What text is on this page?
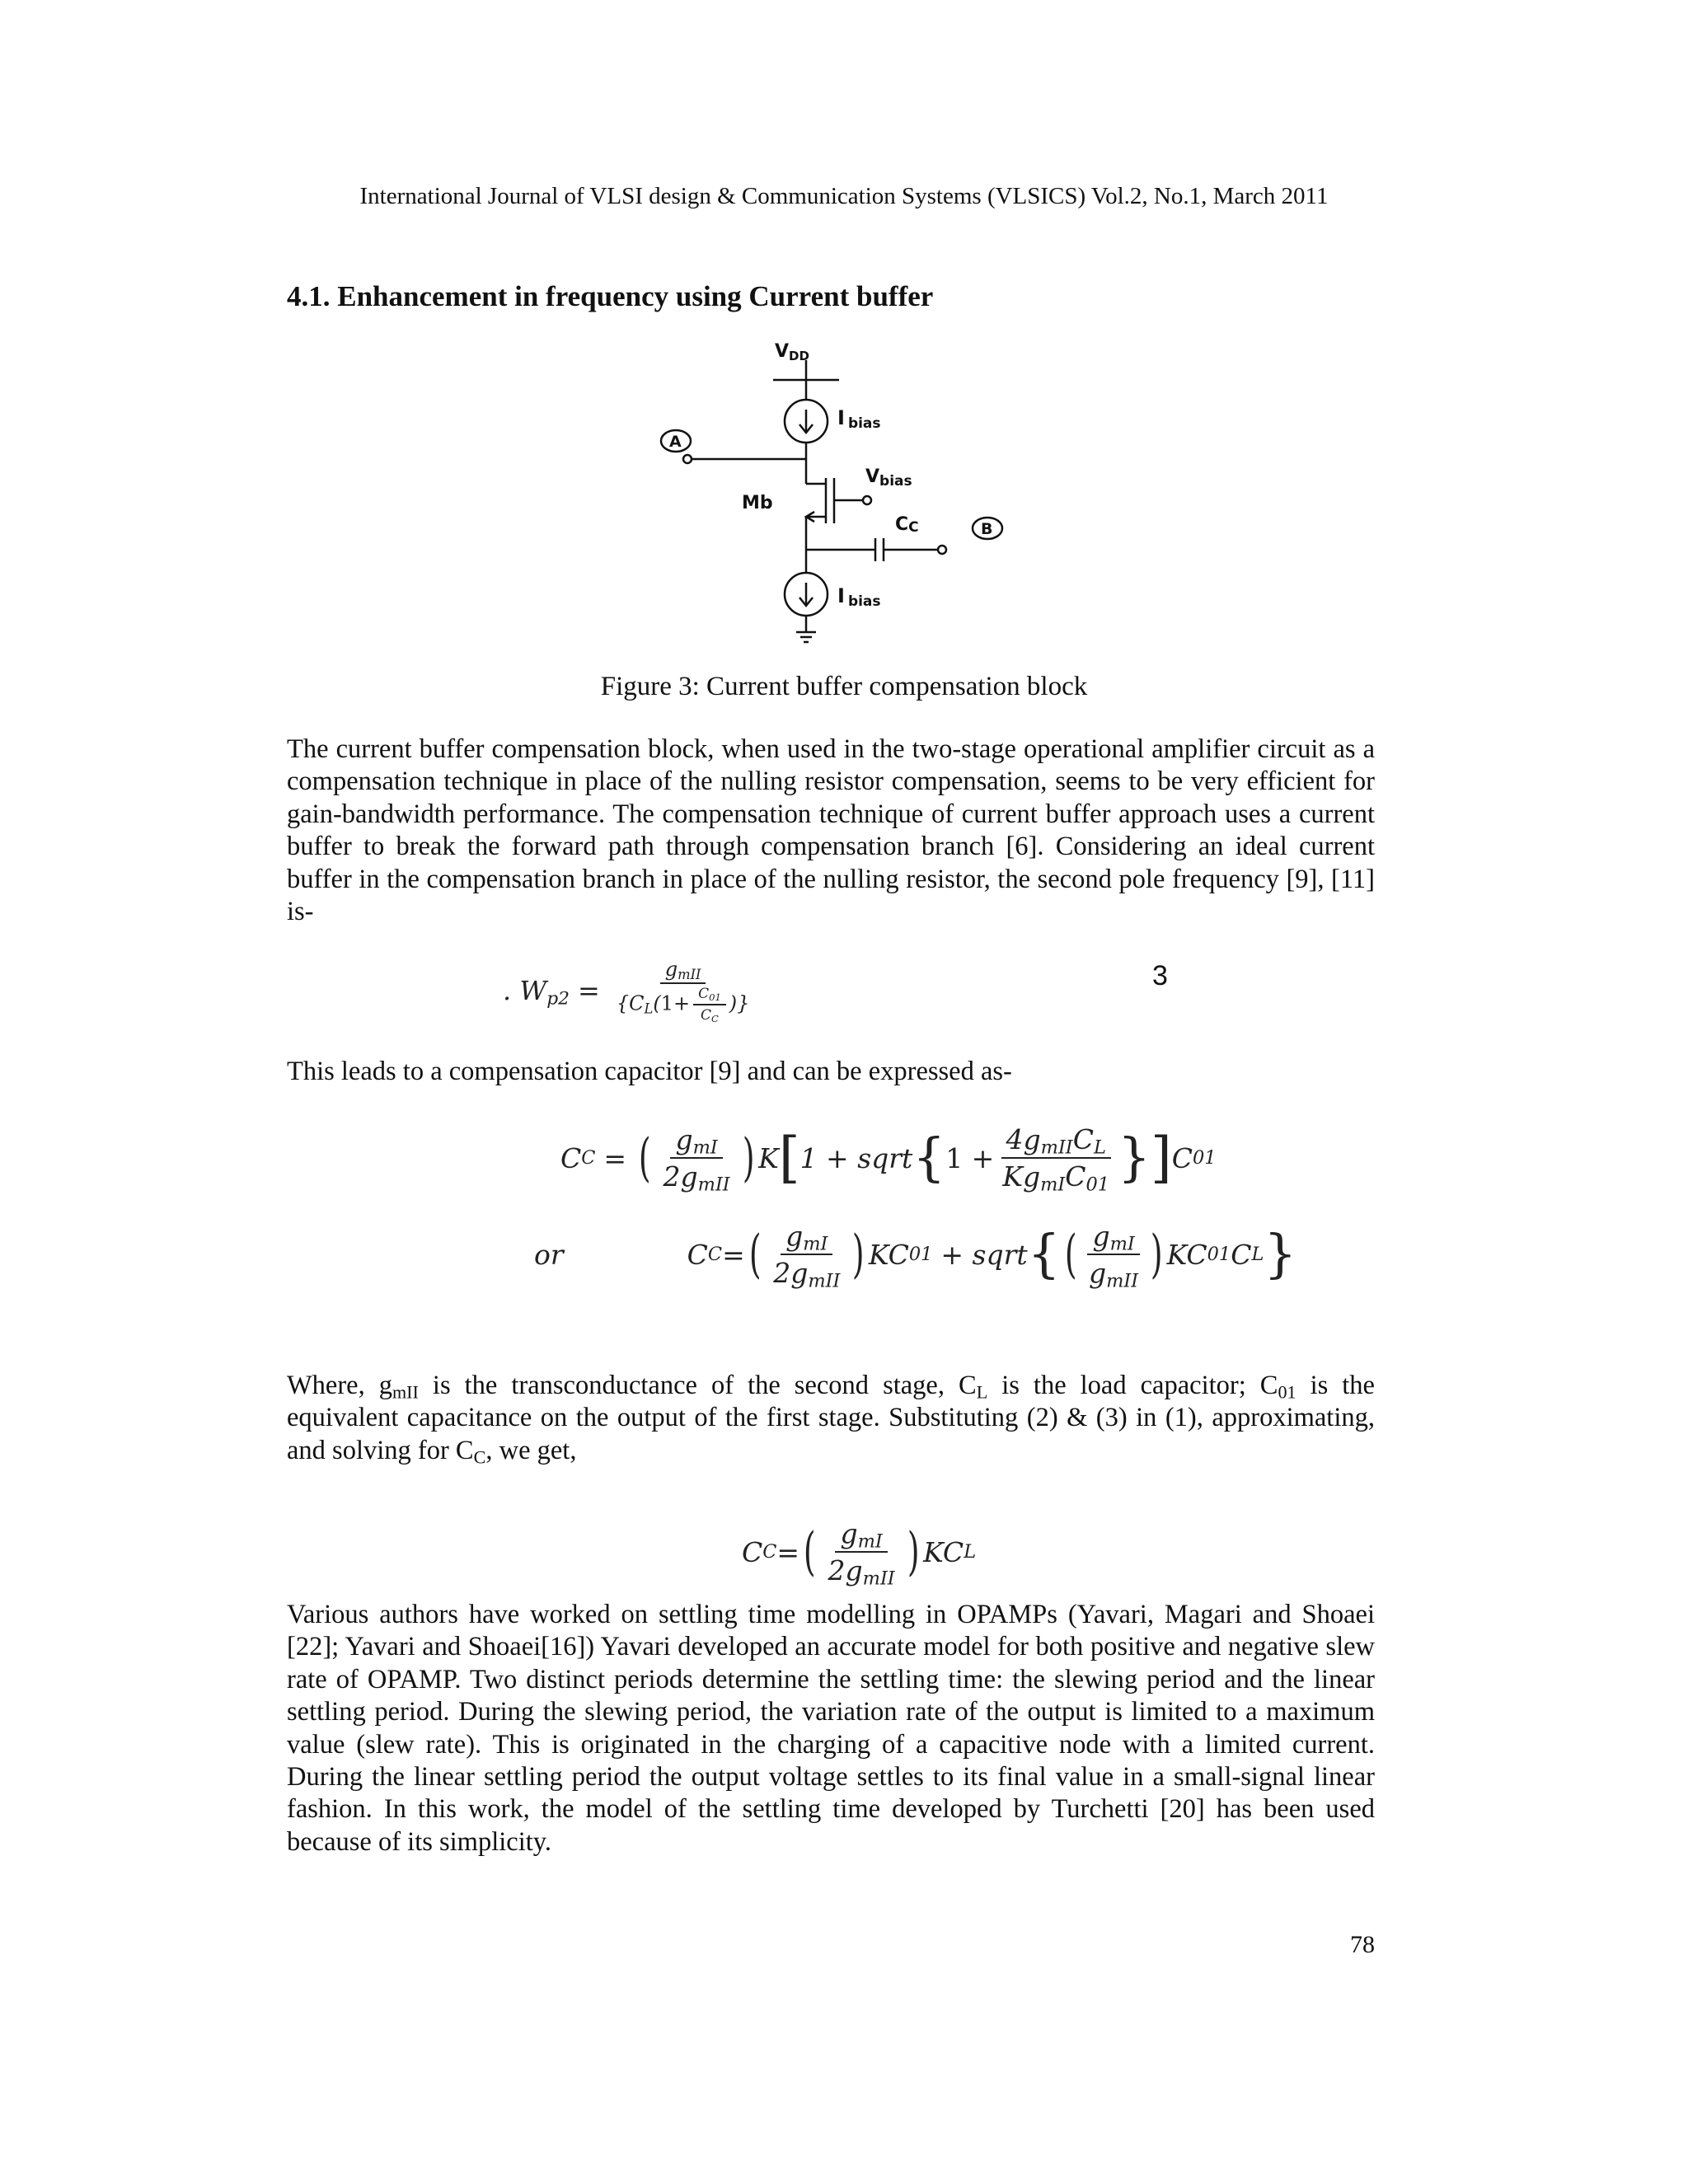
International Journal of VLSI design & Communication Systems (VLSICS) Vol.2, No.1, March 2011
4.1. Enhancement in frequency using Current buffer
VDD
I bias
Vbias
Mb
CC
A
B
I bias
Figure 3: Current buffer compensation block

The current buffer compensation block, when used in the two-stage operational amplifier circuit as a compensation technique in place of the nulling resistor compensation, seems to be very efficient for gain-bandwidth performance. The compensation technique of current buffer approach uses a current buffer to break the forward path through compensation branch [6]. Considering an ideal current buffer in the compensation branch in place of the nulling resistor, the second pole frequency [9], [11] is-

. $W_{p2} = \frac{g_{mII}}{\{C_L(1+ \frac{C_{01}}{C_C} )\}}$	3

This leads to a compensation capacitor [9] and can be expressed as-

C C = ( $\frac{g_{mI}}{2g_{mII}}$ ) K [ 1 + sqrt { $1 + \frac{4g_{mII}C_L}{Kg_{mI}C_{01}}$ } ] C 01
or	C C = ( $\frac{g_{mI}}{2g_{mII}}$ ) KC 01 + sqrt { ( $\frac{g_{mI}}{g_{mII}}$ ) KC 01 C L }

Where, $g_{mII}$ is the transconductance of the second stage, $C_L$ is the load capacitor; $C_{01}$ is the equivalent capacitance on the output of the first stage. Substituting (2) & (3) in (1), approximating, and solving for $C_C$, we get,

C C = ( $\frac{g_{mI}}{2g_{mII}}$ ) KC L

Various authors have worked on settling time modelling in OPAMPs (Yavari, Magari and Shoaei [22]; Yavari and Shoaei[16]) Yavari developed an accurate model for both positive and negative slew rate of OPAMP. Two distinct periods determine the settling time: the slewing period and the linear settling period. During the slewing period, the variation rate of the output is limited to a maximum value (slew rate). This is originated in the charging of a capacitive node with a limited current. During the linear settling period the output voltage settles to its final value in a small-signal linear fashion. In this work, the model of the settling time developed by Turchetti [20] has been used because of its simplicity.

78
